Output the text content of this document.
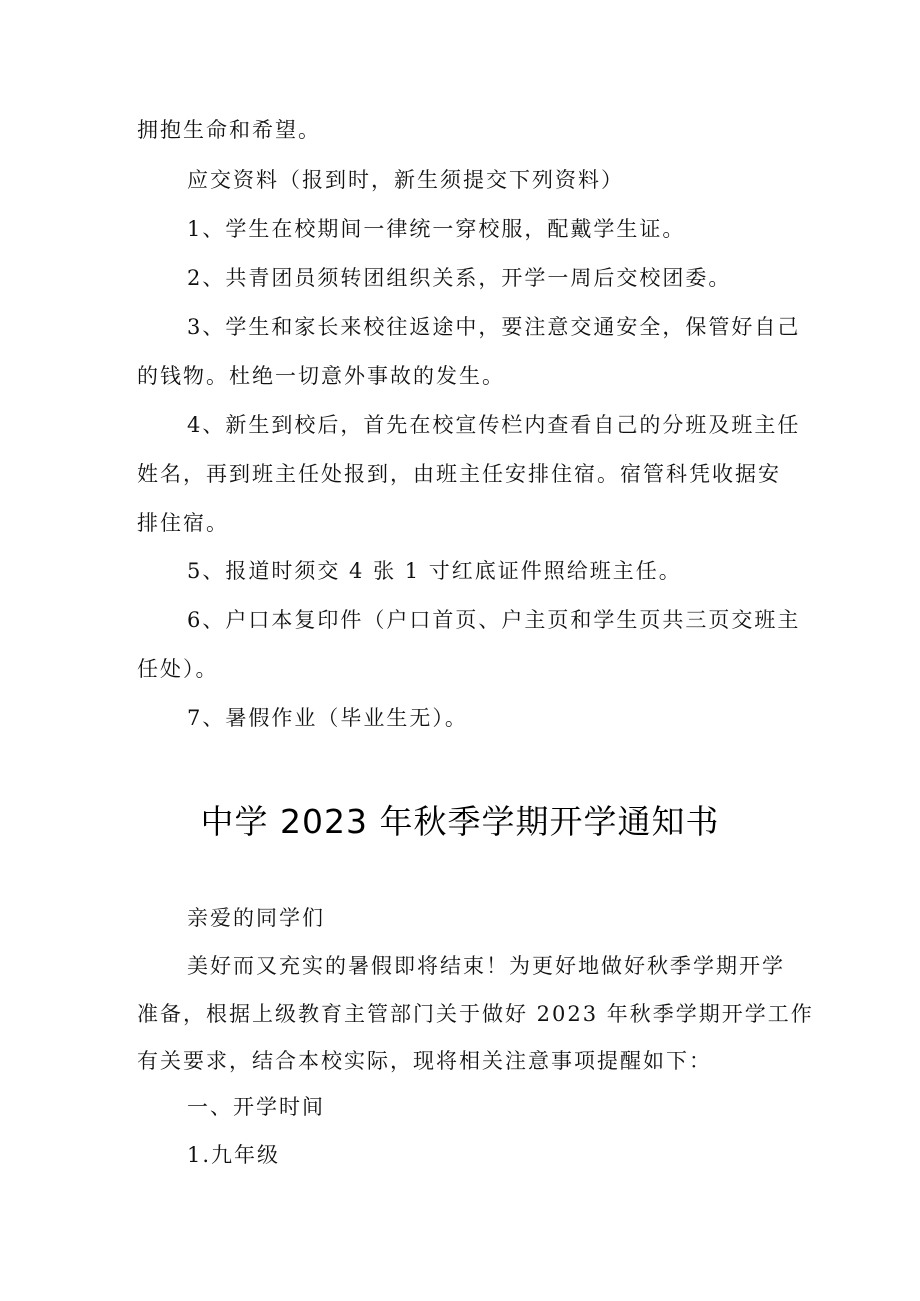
拥抱生命和希望。
应交资料（报到时，新生须提交下列资料）
1、学生在校期间一律统一穿校服，配戴学生证。
2、共青团员须转团组织关系，开学一周后交校团委。
3、学生和家长来校往返途中，要注意交通安全，保管好自己
的钱物。杜绝一切意外事故的发生。
4、新生到校后，首先在校宣传栏内查看自己的分班及班主任
姓名，再到班主任处报到，由班主任安排住宿。宿管科凭收据安
排住宿。
5、报道时须交 4 张 1 寸红底证件照给班主任。
6、户口本复印件（户口首页、户主页和学生页共三页交班主
任处）。
7、暑假作业（毕业生无）。
中学 2023 年秋季学期开学通知书
亲爱的同学们
美好而又充实的暑假即将结束！为更好地做好秋季学期开学
准备，根据上级教育主管部门关于做好 2023 年秋季学期开学工作
有关要求，结合本校实际，现将相关注意事项提醒如下：
一、开学时间
1.九年级
